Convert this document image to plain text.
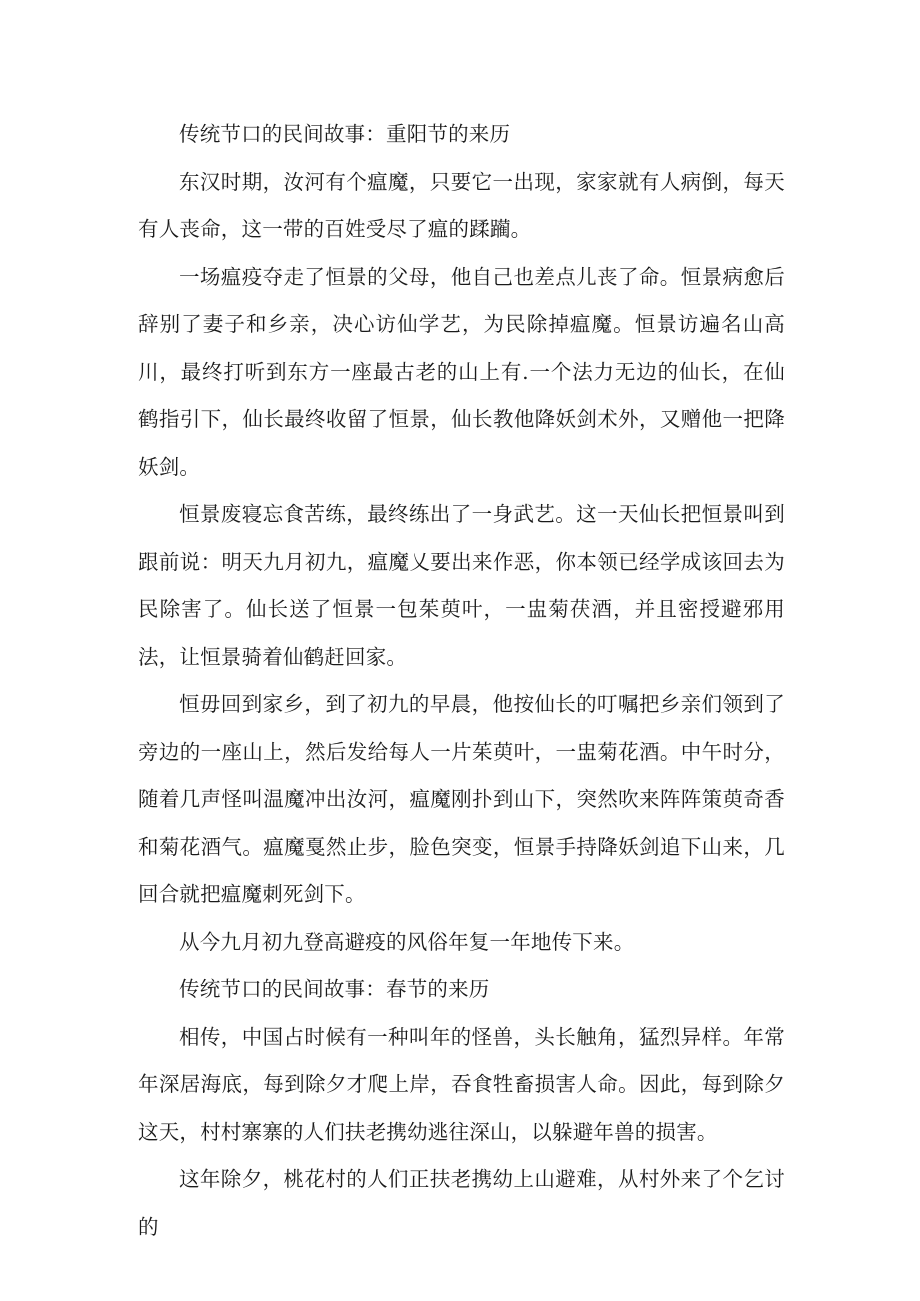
传统节口的民间故事：重阳节的来历

东汉时期，汝河有个瘟魔，只要它一出现，家家就有人病倒，每天有人丧命，这一带的百姓受尽了瘟的蹂躏。

一场瘟疫夺走了恒景的父母，他自己也差点儿丧了命。恒景病愈后辞别了妻子和乡亲，决心访仙学艺，为民除掉瘟魔。恒景访遍名山高川，最终打听到东方一座最古老的山上有.一个法力无边的仙长，在仙鹤指引下，仙长最终收留了恒景，仙长教他降妖剑术外，又赠他一把降妖剑。

恒景废寝忘食苦练，最终练出了一身武艺。这一天仙长把恒景叫到跟前说：明天九月初九，瘟魔乂要出来作恶，你本领已经学成该回去为民除害了。仙长送了恒景一包茱萸叶，一盅菊茯酒，并且密授避邪用法，让恒景骑着仙鹤赶回家。

恒毋回到家乡，到了初九的早晨，他按仙长的叮嘱把乡亲们领到了旁边的一座山上，然后发给每人一片茱萸叶，一盅菊花酒。中午时分，随着几声怪叫温魔冲出汝河，瘟魔刚扑到山下，突然吹来阵阵策萸奇香和菊花酒气。瘟魔戛然止步，脸色突变，恒景手持降妖剑追下山来，几回合就把瘟魔刺死剑下。

从今九月初九登高避疫的风俗年复一年地传下来。

传统节口的民间故事：春节的来历

相传，中国占时候有一种叫年的怪兽，头长触角，猛烈异样。年常年深居海底，每到除夕才爬上岸，吞食牲畜损害人命。因此，每到除夕这天，村村寨寨的人们扶老携幼逃往深山，以躲避年兽的损害。

这年除夕，桃花村的人们正扶老携幼上山避难，从村外来了个乞讨的
